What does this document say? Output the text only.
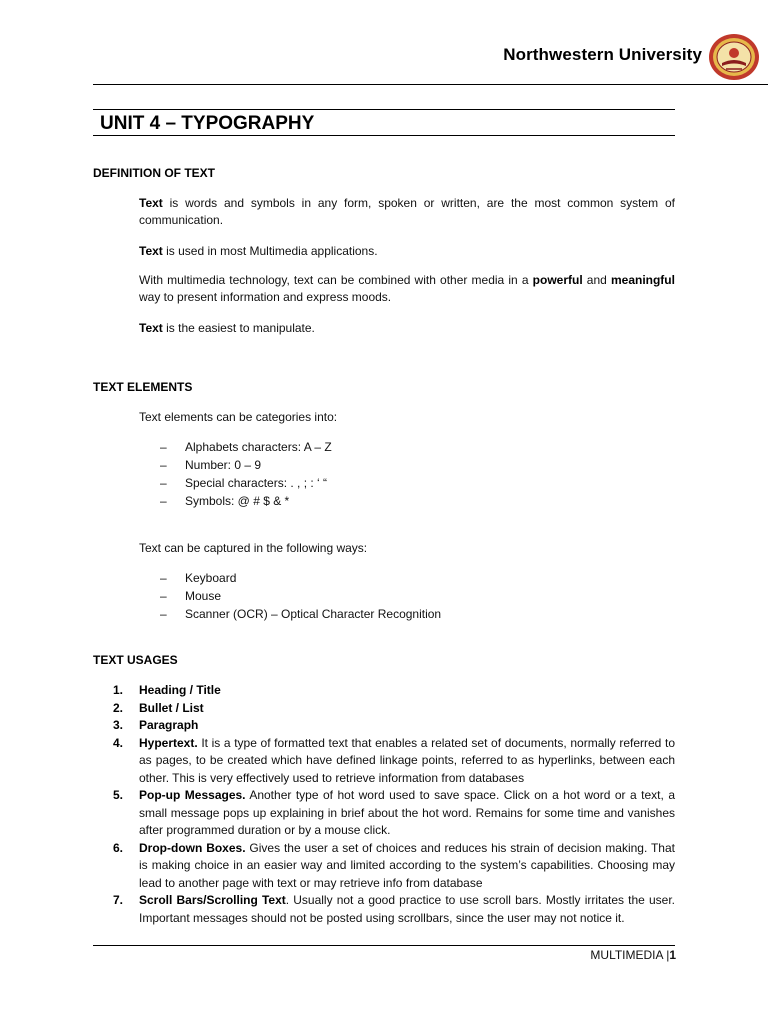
Northwestern University
UNIT 4 – TYPOGRAPHY
DEFINITION OF TEXT
Text is words and symbols in any form, spoken or written, are the most common system of communication.
Text is used in most Multimedia applications.
With multimedia technology, text can be combined with other media in a powerful and meaningful way to present information and express moods.
Text is the easiest to manipulate.
TEXT ELEMENTS
Text elements can be categories into:
– Alphabets characters: A – Z
– Number: 0 – 9
– Special characters: . , ; : ‘ “
– Symbols: @ # $ & *
Text can be captured in the following ways:
– Keyboard
– Mouse
– Scanner (OCR) – Optical Character Recognition
TEXT USAGES
1. Heading / Title
2. Bullet / List
3. Paragraph
4. Hypertext. It is a type of formatted text that enables a related set of documents, normally referred to as pages, to be created which have defined linkage points, referred to as hyperlinks, between each other. This is very effectively used to retrieve information from databases
5. Pop-up Messages. Another type of hot word used to save space. Click on a hot word or a text, a small message pops up explaining in brief about the hot word. Remains for some time and vanishes after programmed duration or by a mouse click.
6. Drop-down Boxes. Gives the user a set of choices and reduces his strain of decision making. That is making choice in an easier way and limited according to the system’s capabilities. Choosing may lead to another page with text or may retrieve info from database
7. Scroll Bars/Scrolling Text. Usually not a good practice to use scroll bars. Mostly irritates the user. Important messages should not be posted using scrollbars, since the user may not notice it.
MULTIMEDIA |1
